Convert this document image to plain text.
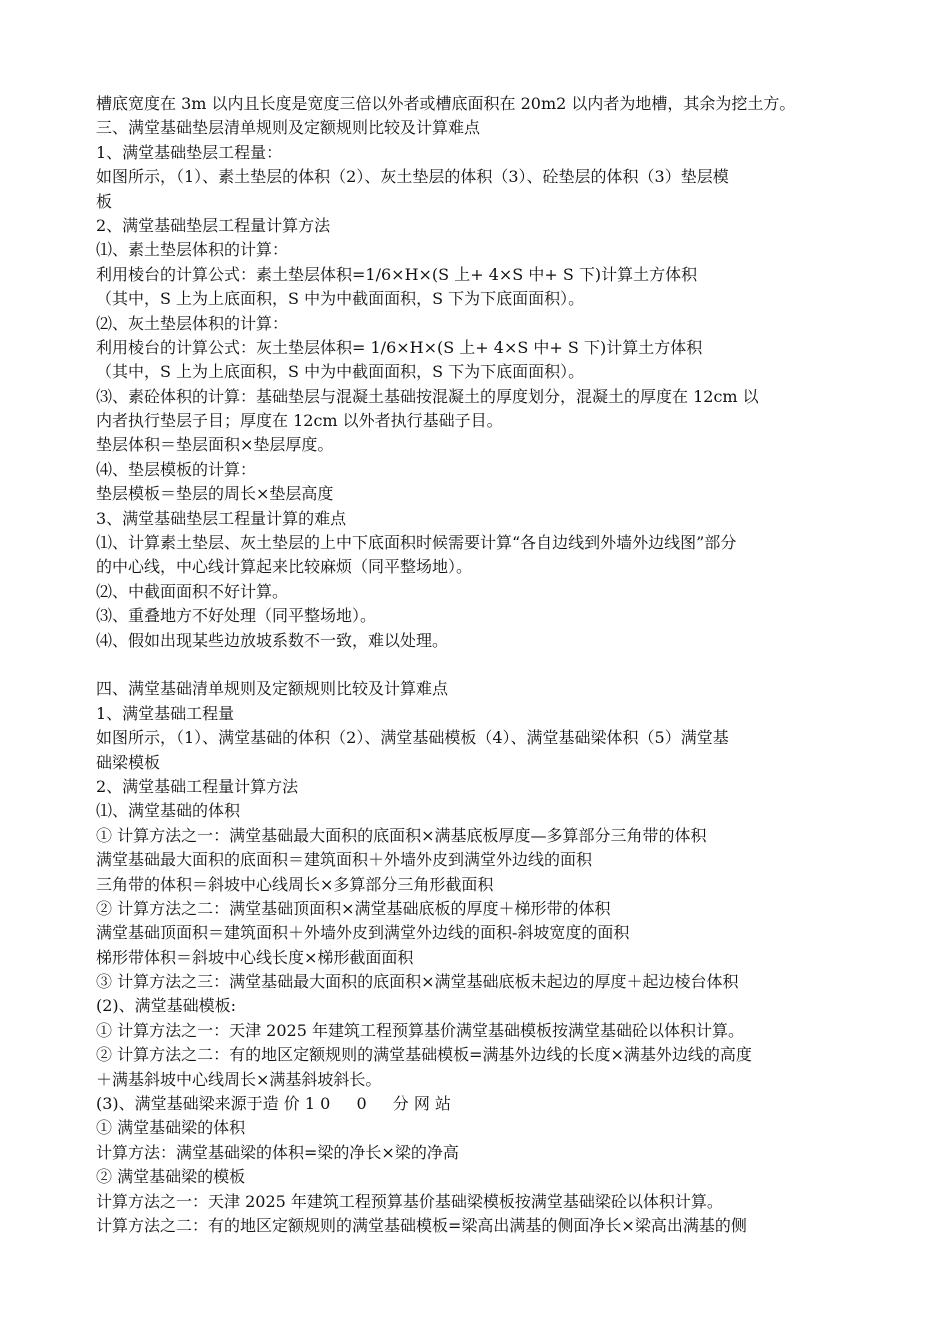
槽底宽度在 3m 以内且长度是宽度三倍以外者或槽底面积在 20m2 以内者为地槽，其余为挖土方。
三、满堂基础垫层清单规则及定额规则比较及计算难点
1、满堂基础垫层工程量：
如图所示，（1）、素土垫层的体积（2）、灰土垫层的体积（3）、砼垫层的体积（3）垫层模
板
2、满堂基础垫层工程量计算方法
⑴、素土垫层体积的计算：
利用棱台的计算公式：素土垫层体积=1/6×H×(S 上+ 4×S 中+ S 下)计算土方体积
（其中，S 上为上底面积，S 中为中截面面积，S 下为下底面面积）。
⑵、灰土垫层体积的计算：
利用棱台的计算公式：灰土垫层体积= 1/6×H×(S 上+ 4×S 中+ S 下)计算土方体积
（其中，S 上为上底面积，S 中为中截面面积，S 下为下底面面积）。
⑶、素砼体积的计算：基础垫层与混凝土基础按混凝土的厚度划分，混凝土的厚度在 12cm 以
内者执行垫层子目；厚度在 12cm 以外者执行基础子目。
垫层体积＝垫层面积×垫层厚度。
⑷、垫层模板的计算：
垫层模板＝垫层的周长×垫层高度
3、满堂基础垫层工程量计算的难点
⑴、计算素土垫层、灰土垫层的上中下底面积时候需要计算“各自边线到外墙外边线图”部分
的中心线，中心线计算起来比较麻烦（同平整场地）。
⑵、中截面面积不好计算。
⑶、重叠地方不好处理（同平整场地）。
⑷、假如出现某些边放坡系数不一致，难以处理。
四、满堂基础清单规则及定额规则比较及计算难点
1、满堂基础工程量
如图所示，（1）、满堂基础的体积（2）、满堂基础模板（4）、满堂基础梁体积（5）满堂基
础梁模板
2、满堂基础工程量计算方法
⑴、满堂基础的体积
① 计算方法之一：满堂基础最大面积的底面积×满基底板厚度—多算部分三角带的体积
满堂基础最大面积的底面积＝建筑面积＋外墙外皮到满堂外边线的面积
三角带的体积＝斜坡中心线周长×多算部分三角形截面积
② 计算方法之二：满堂基础顶面积×满堂基础底板的厚度＋梯形带的体积
满堂基础顶面积＝建筑面积＋外墙外皮到满堂外边线的面积-斜坡宽度的面积
梯形带体积＝斜坡中心线长度×梯形截面面积
③ 计算方法之三：满堂基础最大面积的底面积×满堂基础底板未起边的厚度＋起边棱台体积
(2)、满堂基础模板:
① 计算方法之一：天津 2025 年建筑工程预算基价满堂基础模板按满堂基础砼以体积计算。
② 计算方法之二：有的地区定额规则的满堂基础模板=满基外边线的长度×满基外边线的高度
＋满基斜坡中心线周长×满基斜坡斜长。
(3)、满堂基础梁来源于造 价 1 0 　 0 　 分 网 站
① 满堂基础梁的体积
计算方法：满堂基础梁的体积=梁的净长×梁的净高
② 满堂基础梁的模板
计算方法之一：天津 2025 年建筑工程预算基价基础梁模板按满堂基础梁砼以体积计算。
计算方法之二：有的地区定额规则的满堂基础模板=梁高出满基的侧面净长×梁高出满基的侧
